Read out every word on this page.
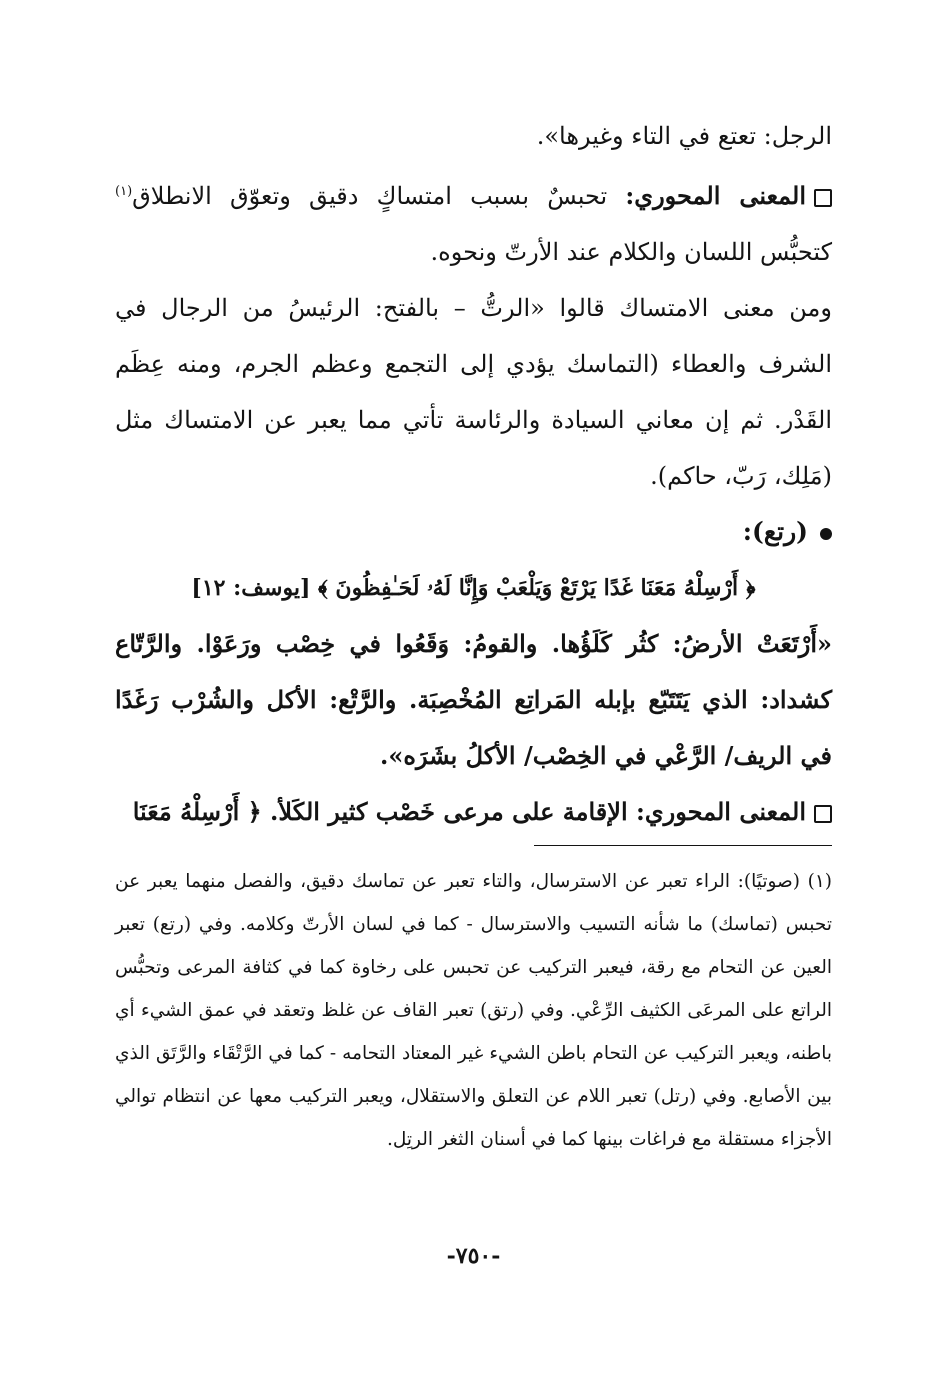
الرجل: تعتع في التاء وغيرها».

المعنى المحوري: تحبسٌ بسبب امتساكٍ دقيق وتعوّق الانطلاق$^{(١)}$ كتحبُّس اللسان والكلام عند الأرتّ ونحوه.

ومن معنى الامتساك قالوا «الرتُّ – بالفتح: الرئيسُ من الرجال في الشرف والعطاء (التماسك يؤدي إلى التجمع وعظم الجرم، ومنه عِظَم القَدْر. ثم إن معاني السيادة والرئاسة تأتي مما يعبر عن الامتساك مثل (مَلِك، رَبّ، حاكم).

(رتع):

﴿ أَرْسِلْهُ مَعَنَا غَدًا يَرْتَعْ وَيَلْعَبْ وَإِنَّا لَهُۥ لَحَـٰفِظُونَ ﴾ [يوسف: ١٢]

«أَرْتَعَتْ الأرضُ: كثُر كَلَؤُها. والقومُ: وَقَعُوا في خِصْب ورَعَوْا. والرَّتّاع كشداد: الذي يَتَتَبّع بإبله المَراتِع المُخْصِبَة. والرَّتْع: الأكل والشُرْب رَغَدًا في الريف/ الرَّعْي في الخِصْب/ الأكلُ بشَرَه».

المعنى المحوري: الإقامة على مرعى خَصْب كثير الكَلأ. ﴿ أَرْسِلْهُ مَعَنَا

(١) (صوتيًا): الراء تعبر عن الاسترسال، والتاء تعبر عن تماسك دقيق، والفصل منهما يعبر عن تحبس (تماسك) ما شأنه التسيب والاسترسال - كما في لسان الأرتّ وكلامه. وفي (رتع) تعبر العين عن التحام مع رقة، فيعبر التركيب عن تحبس على رخاوة كما في كثافة المرعى وتحبُّس الراتع على المرعَى الكثيف الرِّعْي. وفي (رتق) تعبر القاف عن غلظ وتعقد في عمق الشيء أي باطنه، ويعبر التركيب عن التحام باطن الشيء غير المعتاد التحامه - كما في الرَّتْقَاء والرَّتَق الذي بين الأصابع. وفي (رتل) تعبر اللام عن التعلق والاستقلال، ويعبر التركيب معها عن انتظام توالي الأجزاء مستقلة مع فراغات بينها كما في أسنان الثغر الرتِل.

-٧٥٠-
